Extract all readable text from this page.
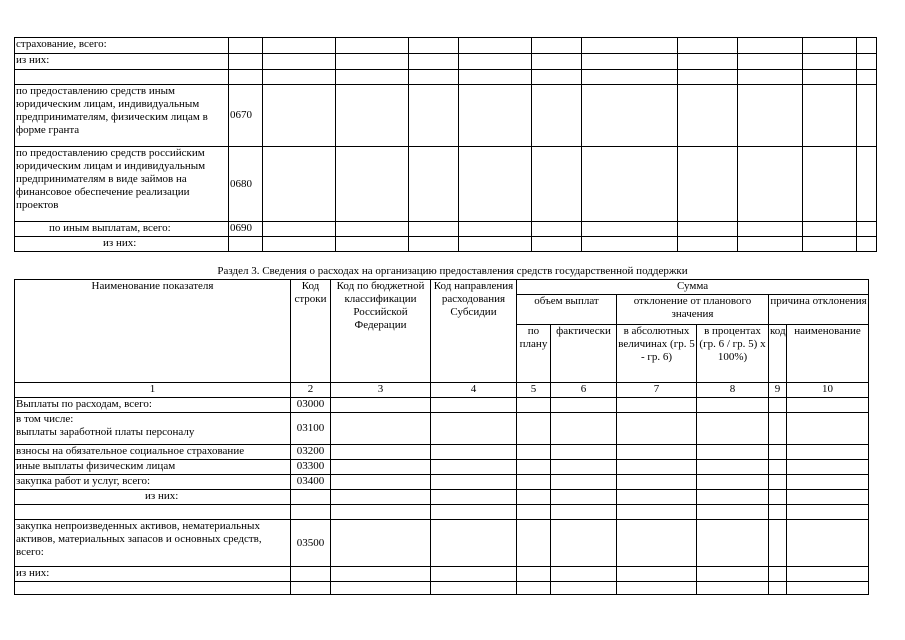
страхование, всего:											
из них:											

по предоставлению средств иным юридическим лицам, индивидуальным предпринимателям, физическим лицам в форме гранта	0670										
по предоставлению средств российским юридическим лицам и индивидуальным предпринимателям в виде займов на финансовое обеспечение реализации проектов	0680										
по иным выплатам, всего:	0690										
из них:											
Раздел 3. Сведения о расходах на организацию предоставления средств государственной поддержки
Наименование показателя	Код строки	Код по бюджетной классификации Российской Федерации	Код направления расходования Субсидии	Сумма					
				объем выплат		отклонение от планового значения		причина отклонения	

				по плану	фактически	в абсолютных величинах (гр. 5 - гр. 6)	в процентах (гр. 6 / гр. 5) x 100%)	код	наименование
1	2	3	4	5	6	7	8	9	10
Выплаты по расходам, всего:	03000								
в том числе:
выплаты заработной платы персоналу	03100								
взносы на обязательное социальное страхование	03200								
иные выплаты физическим лицам	03300								
закупка работ и услуг, всего:	03400								
из них:									

закупка непроизведенных активов, нематериальных активов, материальных запасов и основных средств, всего:	03500								
из них:									
